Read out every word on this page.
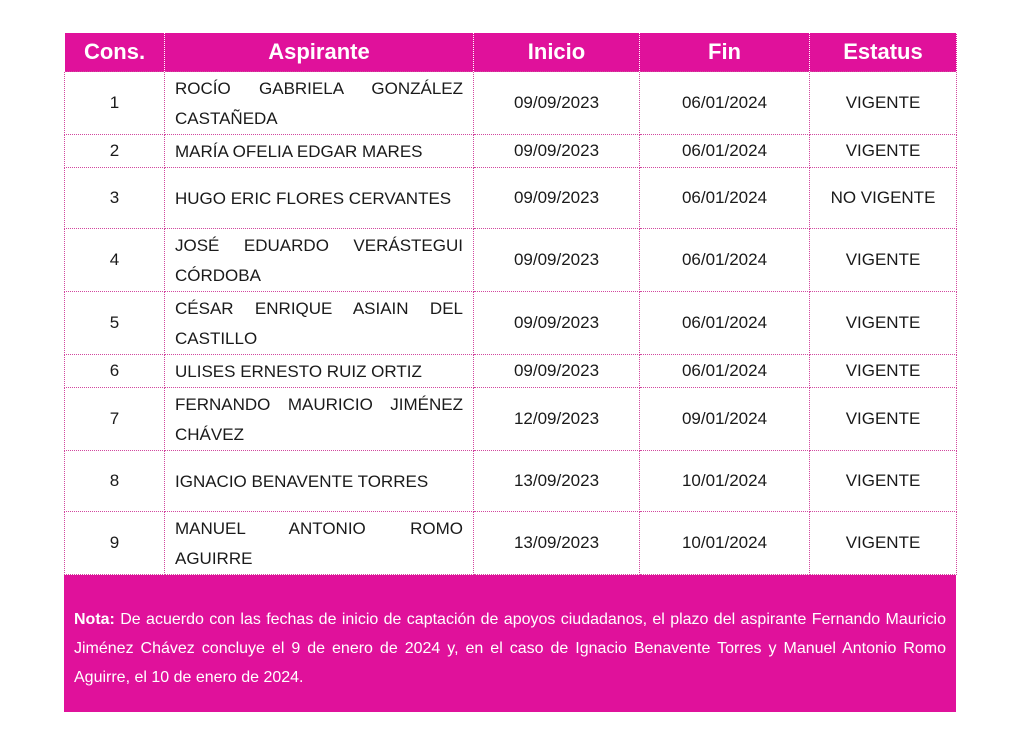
Cons.	Aspirante	Inicio	Fin	Estatus
1	ROCÍO GABRIELA GONZÁLEZ CASTAÑEDA	09/09/2023	06/01/2024	VIGENTE
2	MARÍA OFELIA EDGAR MARES	09/09/2023	06/01/2024	VIGENTE
3	HUGO ERIC FLORES CERVANTES	09/09/2023	06/01/2024	NO VIGENTE
4	JOSÉ EDUARDO VERÁSTEGUI CÓRDOBA	09/09/2023	06/01/2024	VIGENTE
5	CÉSAR ENRIQUE ASIAIN DEL CASTILLO	09/09/2023	06/01/2024	VIGENTE
6	ULISES ERNESTO RUIZ ORTIZ	09/09/2023	06/01/2024	VIGENTE
7	FERNANDO MAURICIO JIMÉNEZ CHÁVEZ	12/09/2023	09/01/2024	VIGENTE
8	IGNACIO BENAVENTE TORRES	13/09/2023	10/01/2024	VIGENTE
9	MANUEL ANTONIO ROMO AGUIRRE	13/09/2023	10/01/2024	VIGENTE
Nota: De acuerdo con las fechas de inicio de captación de apoyos ciudadanos, el plazo del aspirante Fernando Mauricio Jiménez Chávez concluye el 9 de enero de 2024 y, en el caso de Ignacio Benavente Torres y Manuel Antonio Romo Aguirre, el 10 de enero de 2024.
